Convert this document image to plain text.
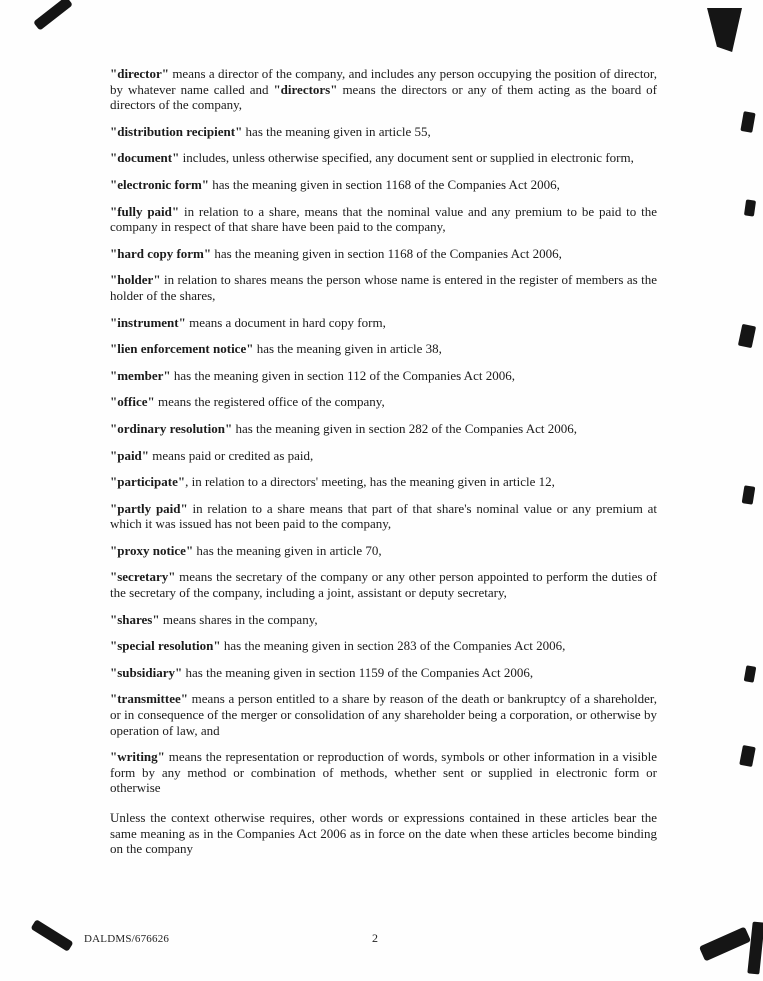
"director" means a director of the company, and includes any person occupying the position of director, by whatever name called and "directors" means the directors or any of them acting as the board of directors of the company,

"distribution recipient" has the meaning given in article 55,

"document" includes, unless otherwise specified, any document sent or supplied in electronic form,

"electronic form" has the meaning given in section 1168 of the Companies Act 2006,

"fully paid" in relation to a share, means that the nominal value and any premium to be paid to the company in respect of that share have been paid to the company,

"hard copy form" has the meaning given in section 1168 of the Companies Act 2006,

"holder" in relation to shares means the person whose name is entered in the register of members as the holder of the shares,

"instrument" means a document in hard copy form,

"lien enforcement notice" has the meaning given in article 38,

"member" has the meaning given in section 112 of the Companies Act 2006,

"office" means the registered office of the company,

"ordinary resolution" has the meaning given in section 282 of the Companies Act 2006,

"paid" means paid or credited as paid,

"participate", in relation to a directors' meeting, has the meaning given in article 12,

"partly paid" in relation to a share means that part of that share's nominal value or any premium at which it was issued has not been paid to the company,

"proxy notice" has the meaning given in article 70,

"secretary" means the secretary of the company or any other person appointed to perform the duties of the secretary of the company, including a joint, assistant or deputy secretary,

"shares" means shares in the company,

"special resolution" has the meaning given in section 283 of the Companies Act 2006,

"subsidiary" has the meaning given in section 1159 of the Companies Act 2006,

"transmittee" means a person entitled to a share by reason of the death or bankruptcy of a shareholder, or in consequence of the merger or consolidation of any shareholder being a corporation, or otherwise by operation of law, and

"writing" means the representation or reproduction of words, symbols or other information in a visible form by any method or combination of methods, whether sent or supplied in electronic form or otherwise

Unless the context otherwise requires, other words or expressions contained in these articles bear the same meaning as in the Companies Act 2006 as in force on the date when these articles become binding on the company

DALDMS/676626	2
